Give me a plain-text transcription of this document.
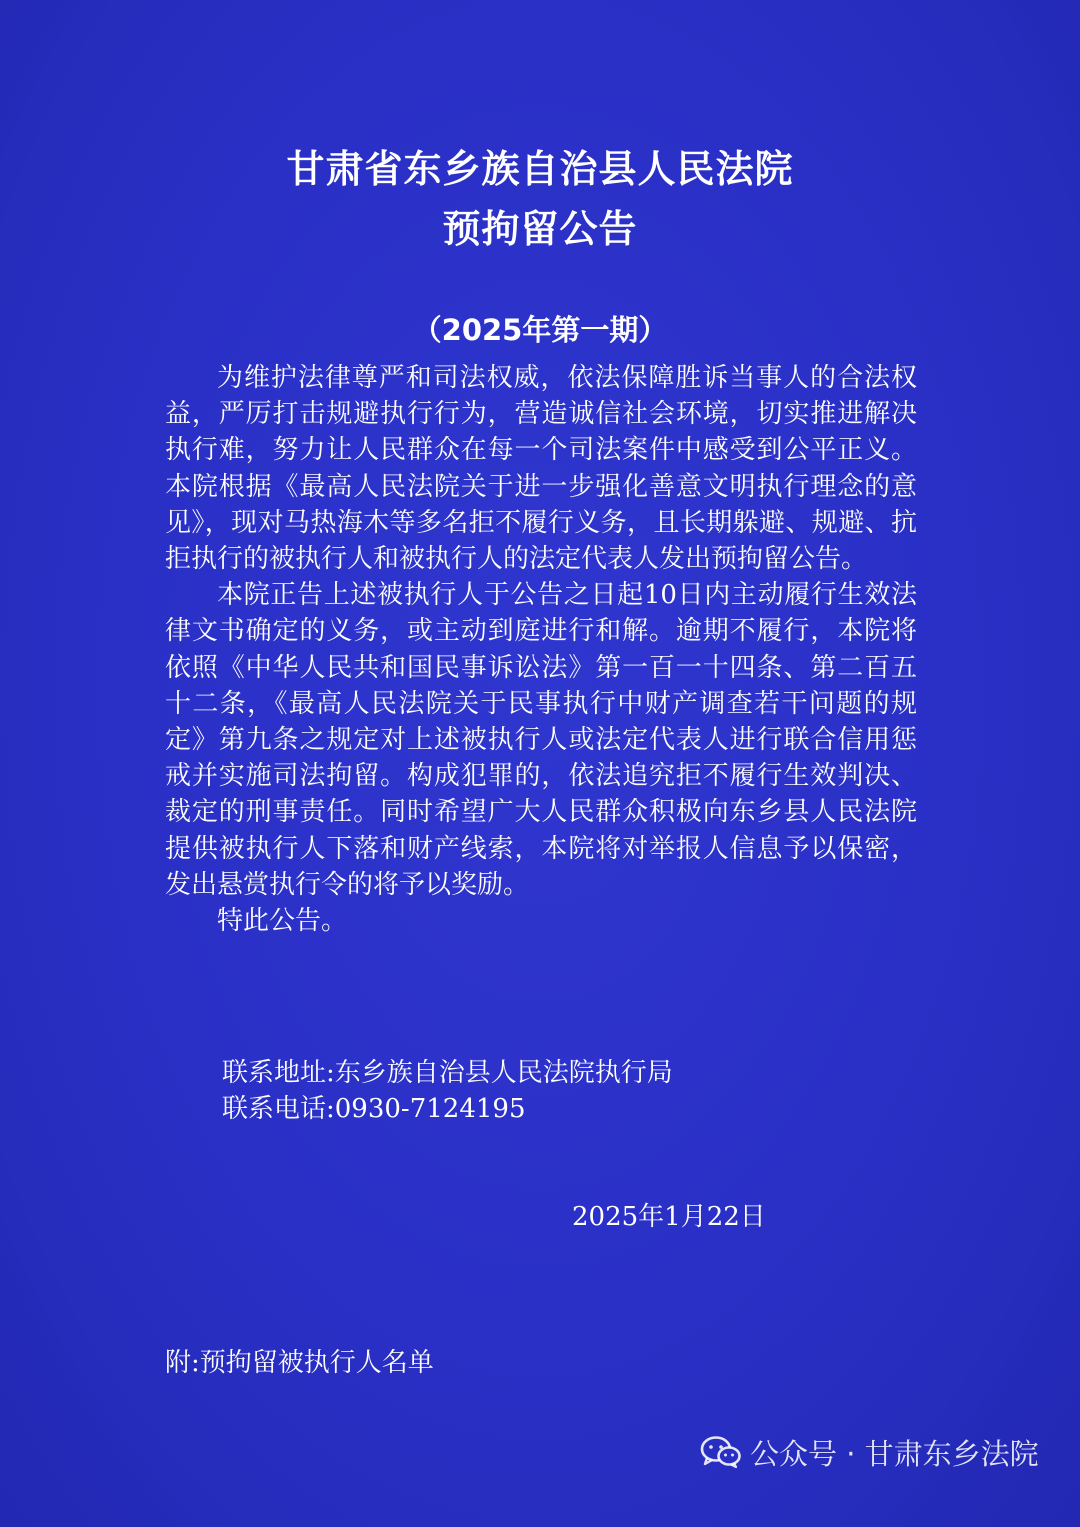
甘肃省东乡族自治县人民法院
预拘留公告
（2025年第一期）

为维护法律尊严和司法权威，依法保障胜诉当事人的合法权益，严厉打击规避执行行为，营造诚信社会环境，切实推进解决执行难，努力让人民群众在每一个司法案件中感受到公平正义。本院根据《最高人民法院关于进一步强化善意文明执行理念的意见》，现对马热海木等多名拒不履行义务，且长期躲避、规避、抗拒执行的被执行人和被执行人的法定代表人发出预拘留公告。

本院正告上述被执行人于公告之日起10日内主动履行生效法律文书确定的义务，或主动到庭进行和解。逾期不履行，本院将依照《中华人民共和国民事诉讼法》第一百一十四条、第二百五十二条，《最高人民法院关于民事执行中财产调查若干问题的规定》第九条之规定对上述被执行人或法定代表人进行联合信用惩戒并实施司法拘留。构成犯罪的，依法追究拒不履行生效判决、裁定的刑事责任。同时希望广大人民群众积极向东乡县人民法院提供被执行人下落和财产线索，本院将对举报人信息予以保密，发出悬赏执行令的将予以奖励。

特此公告。

联系地址:东乡族自治县人民法院执行局
联系电话:0930-7124195
2025年1月22日
附:预拘留被执行人名单
公众号 · 甘肃东乡法院
